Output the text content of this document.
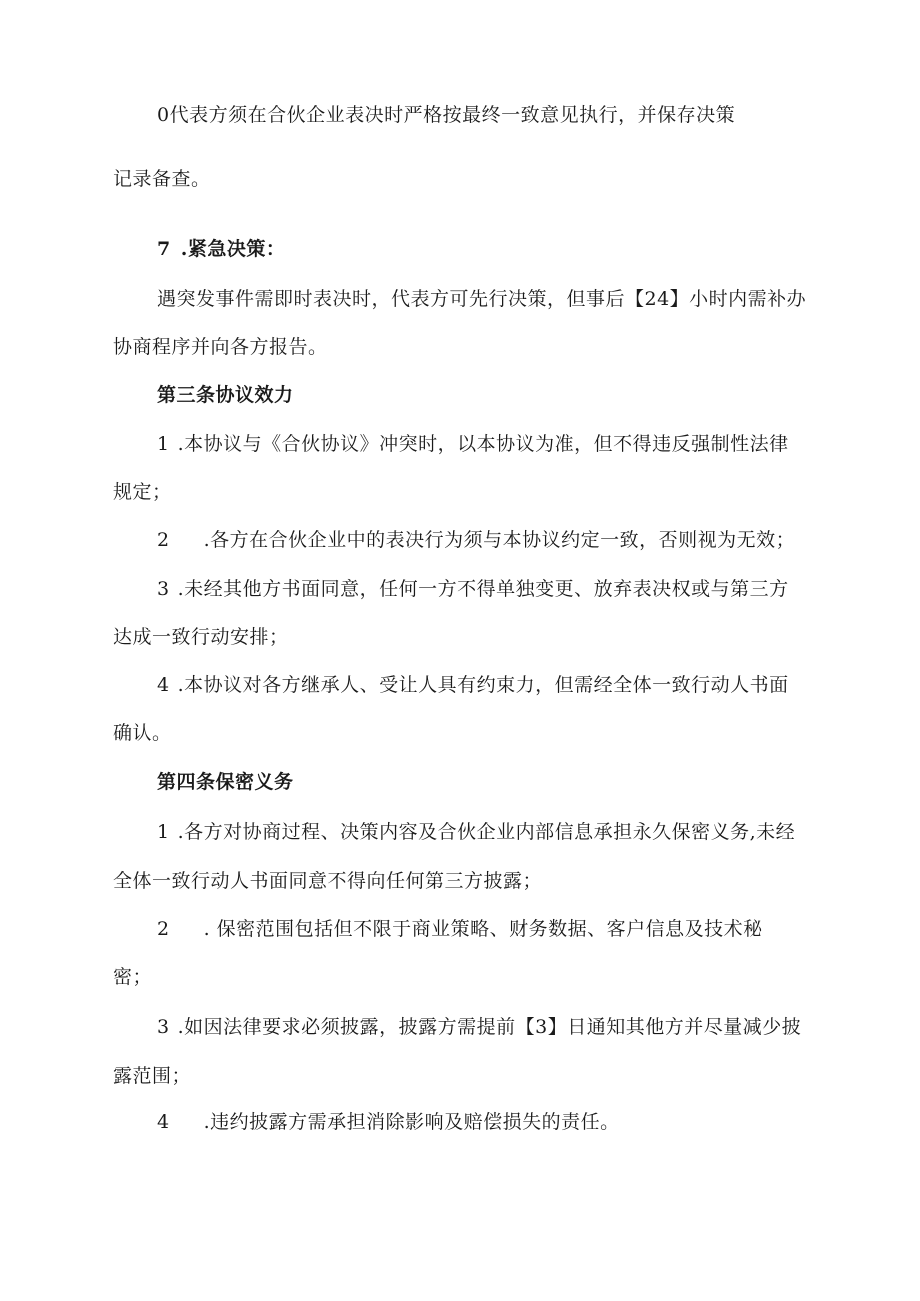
0代表方须在合伙企业表决时严格按最终一致意见执行，并保存决策
记录备查。
7 .紧急决策：
遇突发事件需即时表决时，代表方可先行决策，但事后【24】小时内需补办
协商程序并向各方报告。
第三条协议效力
1 .本协议与《合伙协议》冲突时，以本协议为准，但不得违反强制性法律
规定；
2 .各方在合伙企业中的表决行为须与本协议约定一致，否则视为无效；
3 .未经其他方书面同意，任何一方不得单独变更、放弃表决权或与第三方
达成一致行动安排；
4 .本协议对各方继承人、受让人具有约束力，但需经全体一致行动人书面
确认。
第四条保密义务
1 .各方对协商过程、决策内容及合伙企业内部信息承担永久保密义务,未经
全体一致行动人书面同意不得向任何第三方披露；
2 . 保密范围包括但不限于商业策略、财务数据、客户信息及技术秘
密；
3 .如因法律要求必须披露，披露方需提前【3】日通知其他方并尽量减少披
露范围；
4 .违约披露方需承担消除影响及赔偿损失的责任。
